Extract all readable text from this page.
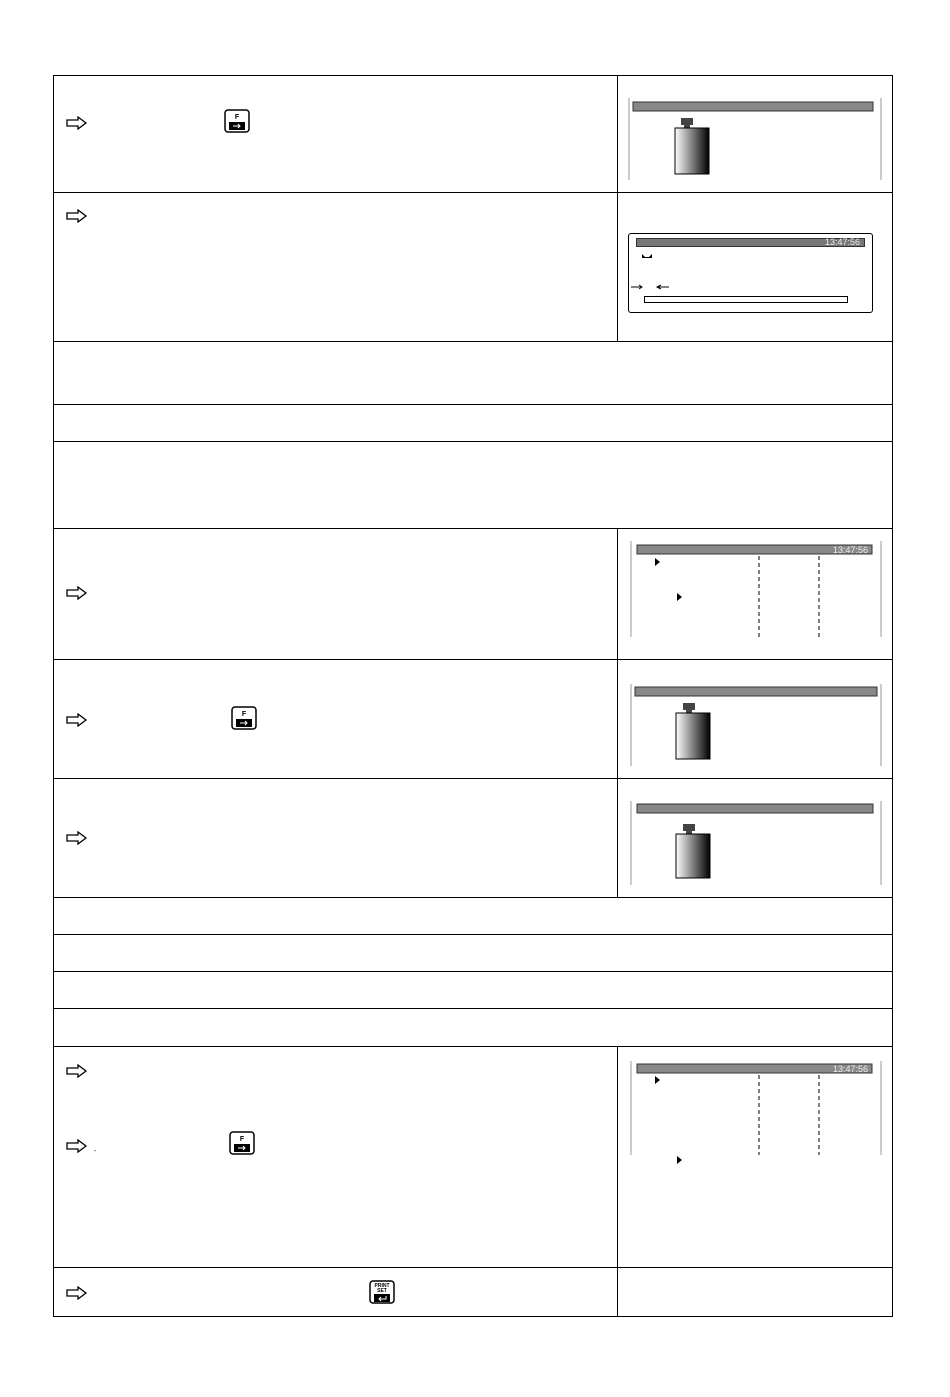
F
13:47:56
13:47:56
F
"
F
13:47:56
PRINT
SET
